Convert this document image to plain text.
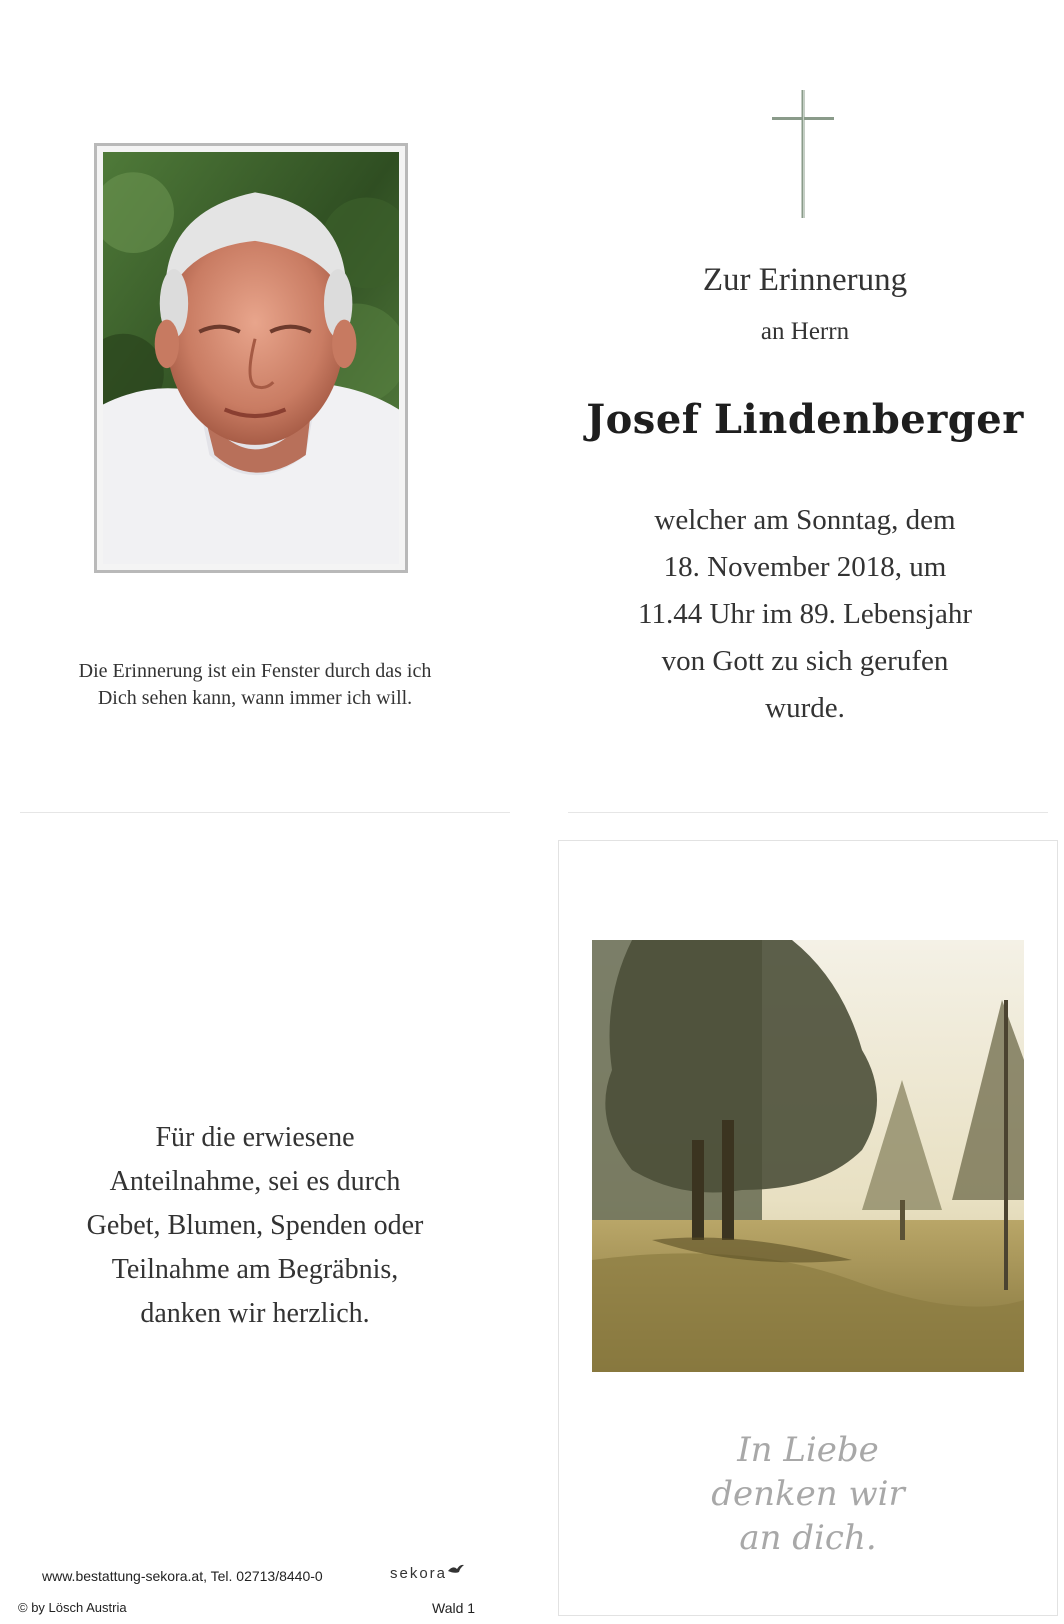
Die Erinnerung ist ein Fenster durch das ich
Dich sehen kann, wann immer ich will.
Zur Erinnerung
an Herrn
Josef Lindenberger
welcher am Sonntag, dem
18. November 2018, um
11.44 Uhr im 89. Lebensjahr
von Gott zu sich gerufen
wurde.
Für die erwiesene
Anteilnahme, sei es durch
Gebet, Blumen, Spenden oder
Teilnahme am Begräbnis,
danken wir herzlich.
www.bestattung-sekora.at, Tel. 02713/8440-0	sekora
© by Lösch Austria	Wald 1
In Liebe
denken wir
an dich.
